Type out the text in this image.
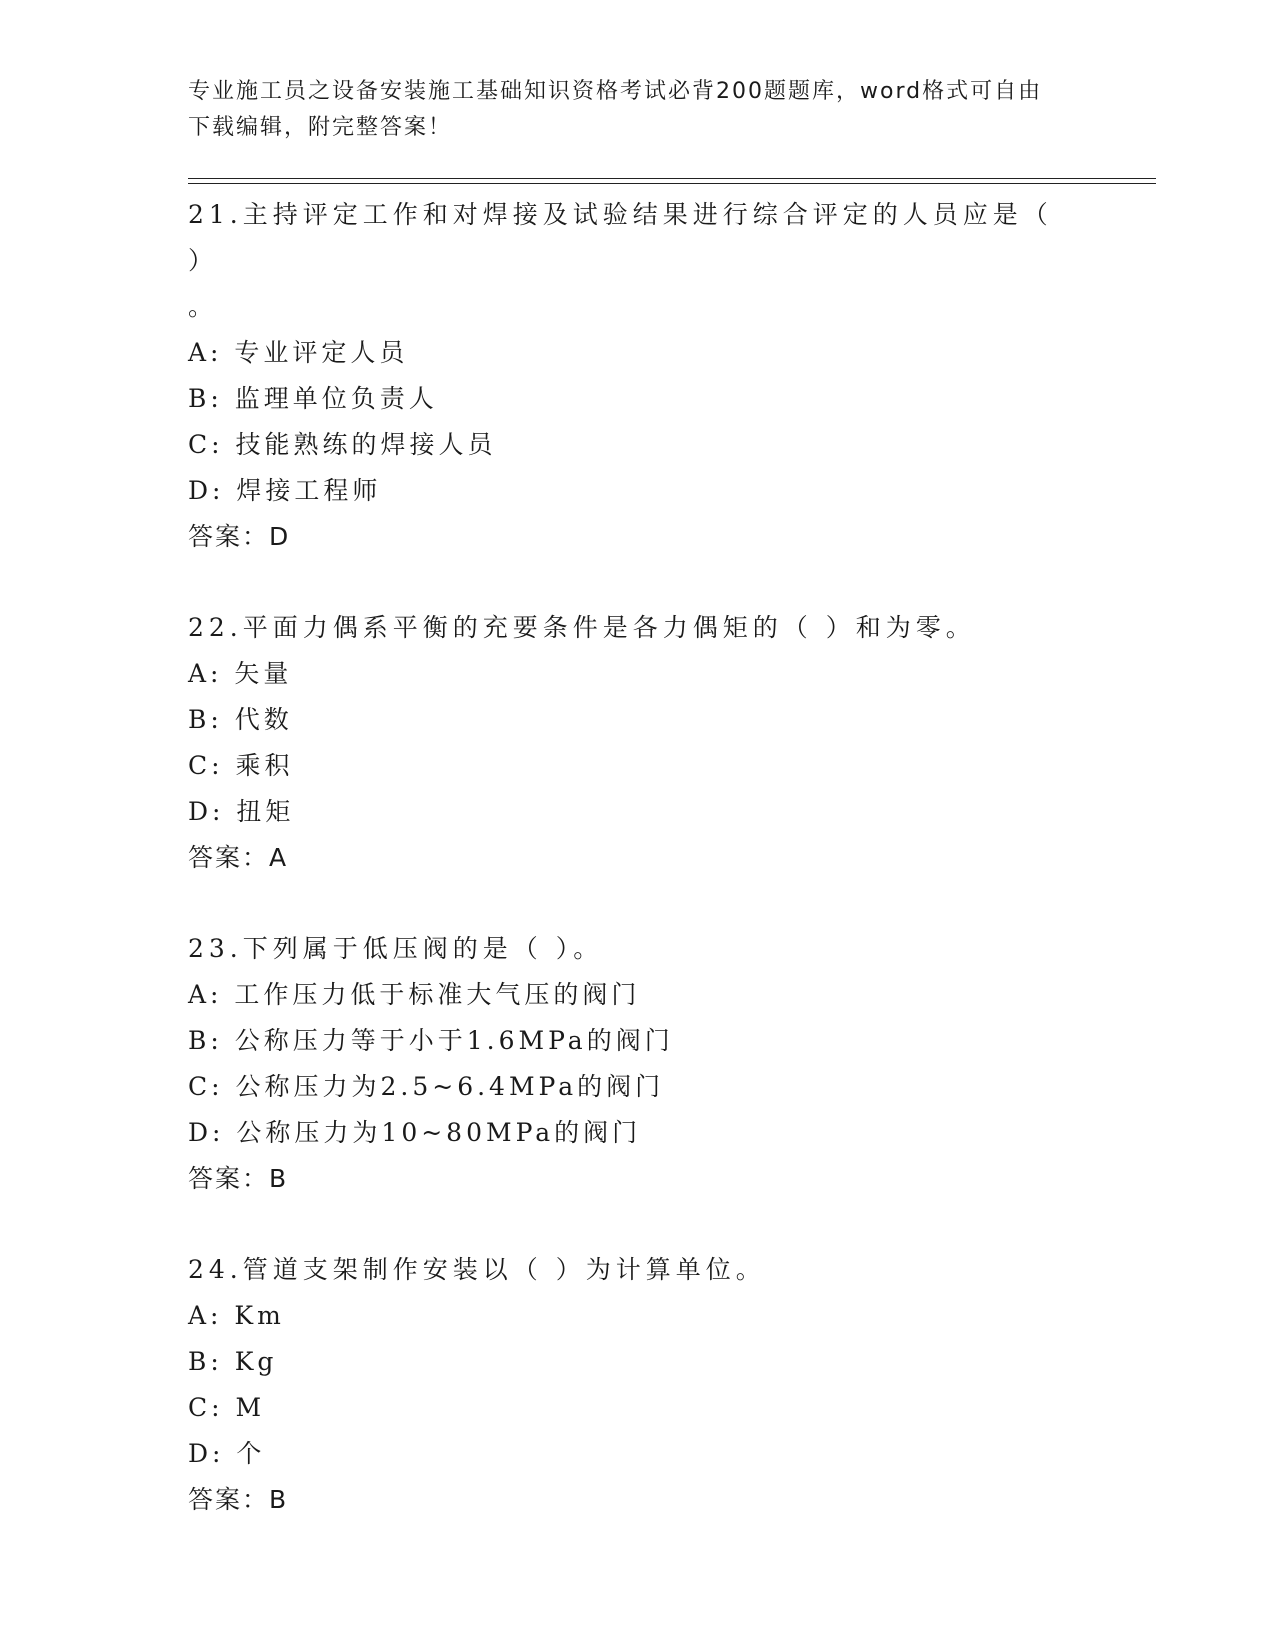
专业施工员之设备安装施工基础知识资格考试必背200题题库，word格式可自由
下载编辑，附完整答案！

21.主持评定工作和对焊接及试验结果进行综合评定的人员应是（ ）

。

A: 专业评定人员

B: 监理单位负责人

C: 技能熟练的焊接人员

D: 焊接工程师

答案：D

22.平面力偶系平衡的充要条件是各力偶矩的（ ）和为零。

A: 矢量

B: 代数

C: 乘积

D: 扭矩

答案：A

23.下列属于低压阀的是（ ）。

A: 工作压力低于标准大气压的阀门

B: 公称压力等于小于1.6MPa的阀门

C: 公称压力为2.5~6.4MPa的阀门

D: 公称压力为10~80MPa的阀门

答案：B

24.管道支架制作安装以（ ）为计算单位。

A: Km

B: Kg

C: M

D: 个

答案：B
